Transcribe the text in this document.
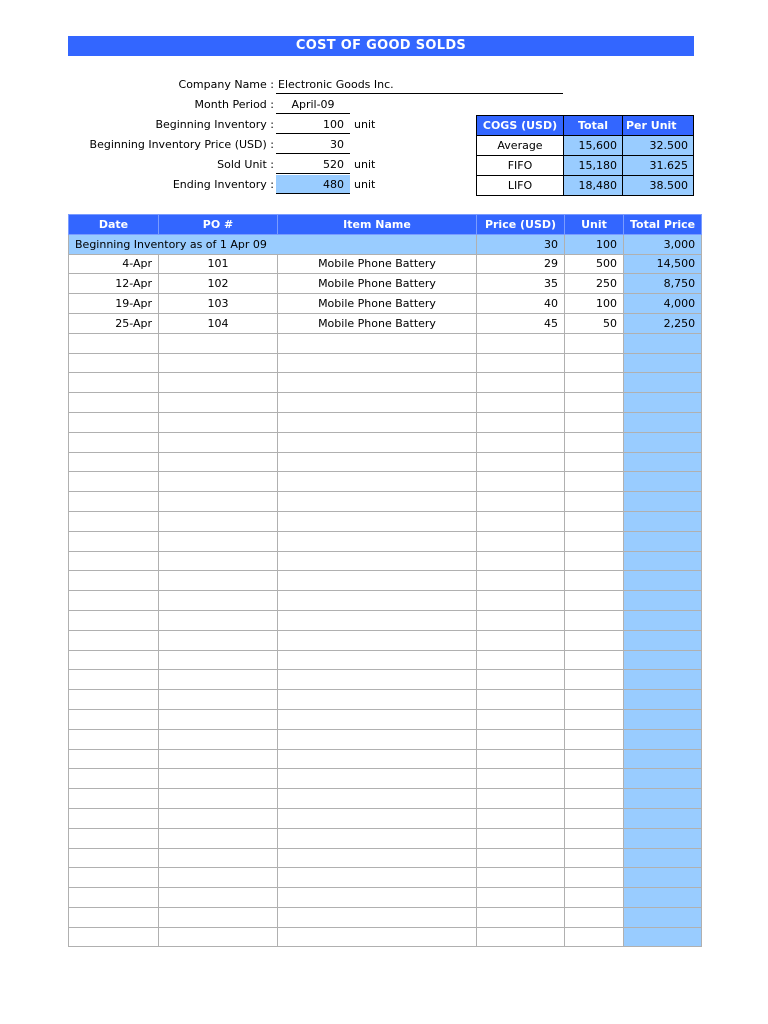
COST OF GOOD SOLDS
Company Name : Electronic Goods Inc.
Month Period :	April-09
Beginning Inventory :	100 unit
Beginning Inventory Price (USD) :	30
Sold Unit :	520 unit
Ending Inventory :	480 unit
COGS (USD)	Total	Per Unit
Average	15,600	32.500
FIFO	15,180	31.625
LIFO	18,480	38.500
Date	PO #	Item Name	Price (USD)	Unit	Total Price
Beginning Inventory as of 1 Apr 09			30	100	3,000
4-Apr	101	Mobile Phone Battery	29	500	14,500
12-Apr	102	Mobile Phone Battery	35	250	8,750
19-Apr	103	Mobile Phone Battery	40	100	4,000
25-Apr	104	Mobile Phone Battery	45	50	2,250
